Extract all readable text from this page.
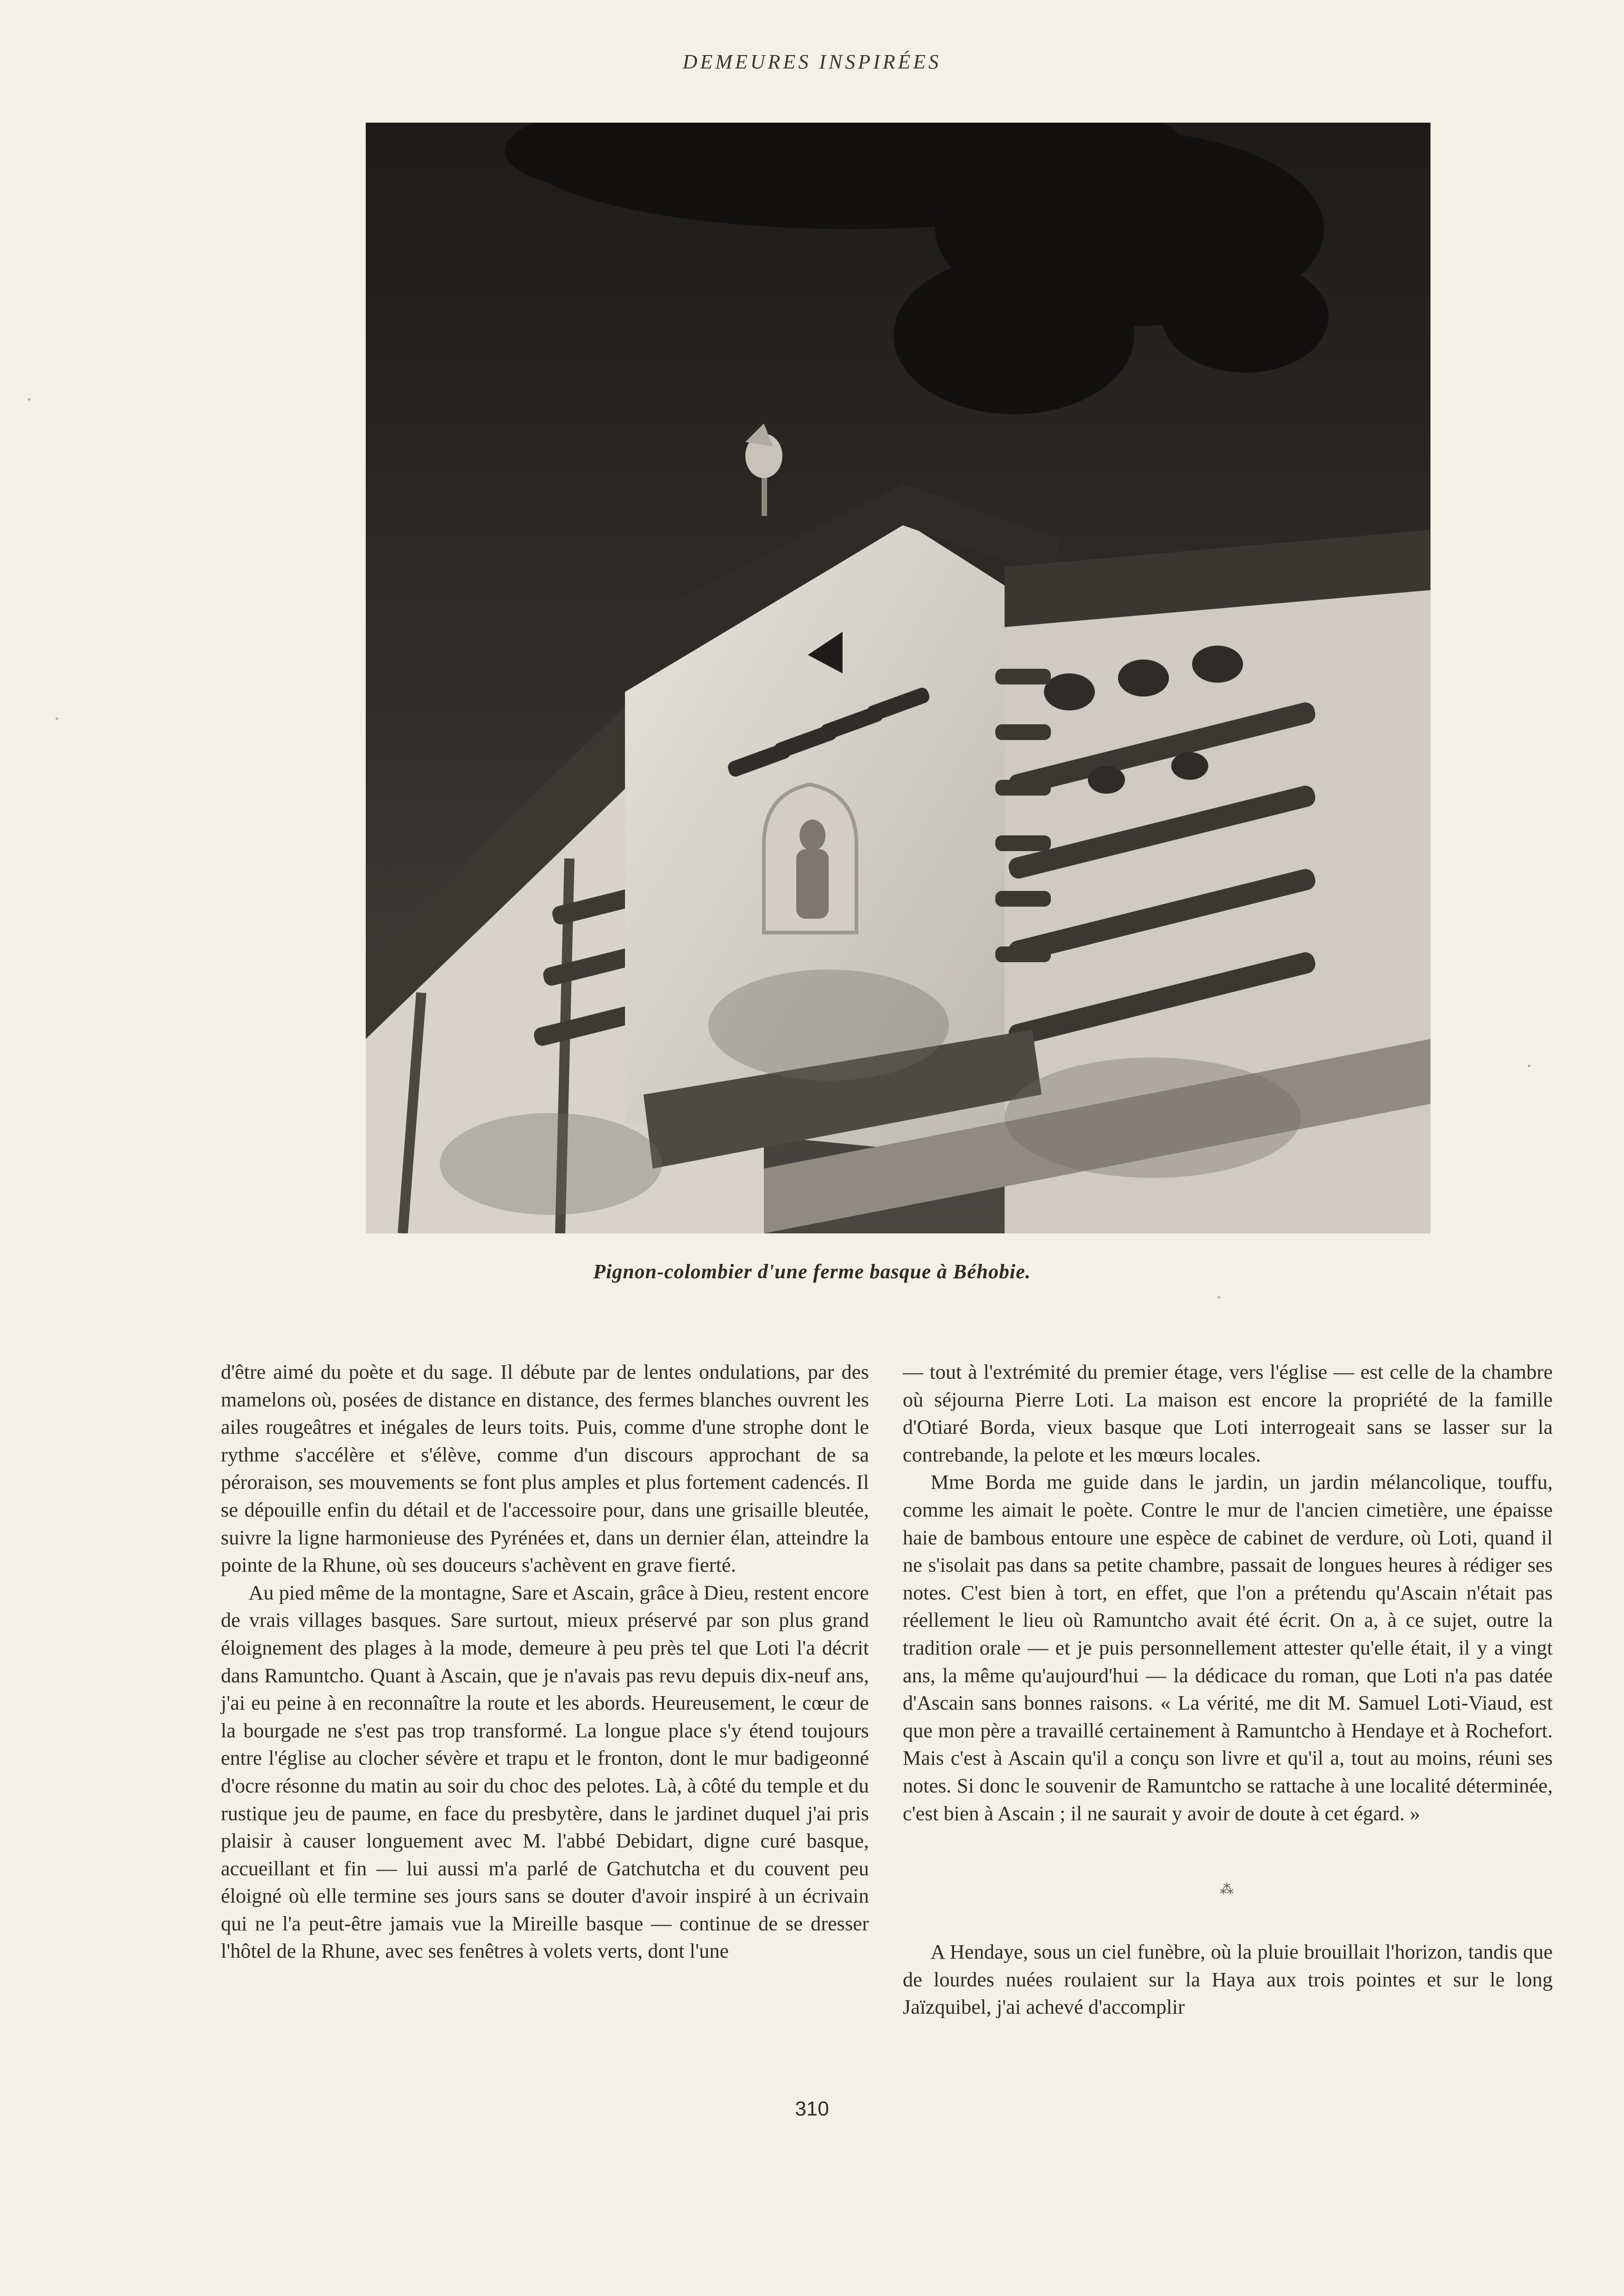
DEMEURES INSPIRÉES
Pignon-colombier d'une ferme basque à Béhobie.

d'être aimé du poète et du sage. Il débute par de lentes ondulations, par des mamelons où, posées de distance en distance, des fermes blanches ouvrent les ailes rougeâtres et inégales de leurs toits. Puis, comme d'une strophe dont le rythme s'accélère et s'élève, comme d'un discours approchant de sa péroraison, ses mouvements se font plus amples et plus fortement cadencés. Il se dépouille enfin du détail et de l'accessoire pour, dans une grisaille bleutée, suivre la ligne harmonieuse des Pyrénées et, dans un dernier élan, atteindre la pointe de la Rhune, où ses douceurs s'achèvent en grave fierté.

Au pied même de la montagne, Sare et Ascain, grâce à Dieu, restent encore de vrais villages basques. Sare surtout, mieux préservé par son plus grand éloignement des plages à la mode, demeure à peu près tel que Loti l'a décrit dans Ramuntcho. Quant à Ascain, que je n'avais pas revu depuis dix-neuf ans, j'ai eu peine à en reconnaître la route et les abords. Heureusement, le cœur de la bourgade ne s'est pas trop transformé. La longue place s'y étend toujours entre l'église au clocher sévère et trapu et le fronton, dont le mur badigeonné d'ocre résonne du matin au soir du choc des pelotes. Là, à côté du temple et du rustique jeu de paume, en face du presbytère, dans le jardinet duquel j'ai pris plaisir à causer longuement avec M. l'abbé Debidart, digne curé basque, accueillant et fin — lui aussi m'a parlé de Gatchutcha et du couvent peu éloigné où elle termine ses jours sans se douter d'avoir inspiré à un écrivain qui ne l'a peut-être jamais vue la Mireille basque — continue de se dresser l'hôtel de la Rhune, avec ses fenêtres à volets verts, dont l'une

— tout à l'extrémité du premier étage, vers l'église — est celle de la chambre où séjourna Pierre Loti. La maison est encore la propriété de la famille d'Otiaré Borda, vieux basque que Loti interrogeait sans se lasser sur la contrebande, la pelote et les mœurs locales.

Mme Borda me guide dans le jardin, un jardin mélancolique, touffu, comme les aimait le poète. Contre le mur de l'ancien cimetière, une épaisse haie de bambous entoure une espèce de cabinet de verdure, où Loti, quand il ne s'isolait pas dans sa petite chambre, passait de longues heures à rédiger ses notes. C'est bien à tort, en effet, que l'on a prétendu qu'Ascain n'était pas réellement le lieu où Ramuntcho avait été écrit. On a, à ce sujet, outre la tradition orale — et je puis personnellement attester qu'elle était, il y a vingt ans, la même qu'aujourd'hui — la dédicace du roman, que Loti n'a pas datée d'Ascain sans bonnes raisons. « La vérité, me dit M. Samuel Loti-Viaud, est que mon père a travaillé certainement à Ramuntcho à Hendaye et à Rochefort. Mais c'est à Ascain qu'il a conçu son livre et qu'il a, tout au moins, réuni ses notes. Si donc le souvenir de Ramuntcho se rattache à une localité déterminée, c'est bien à Ascain ; il ne saurait y avoir de doute à cet égard. »

⁂

A Hendaye, sous un ciel funèbre, où la pluie brouillait l'horizon, tandis que de lourdes nuées roulaient sur la Haya aux trois pointes et sur le long Jaïzquibel, j'ai achevé d'accomplir

310
